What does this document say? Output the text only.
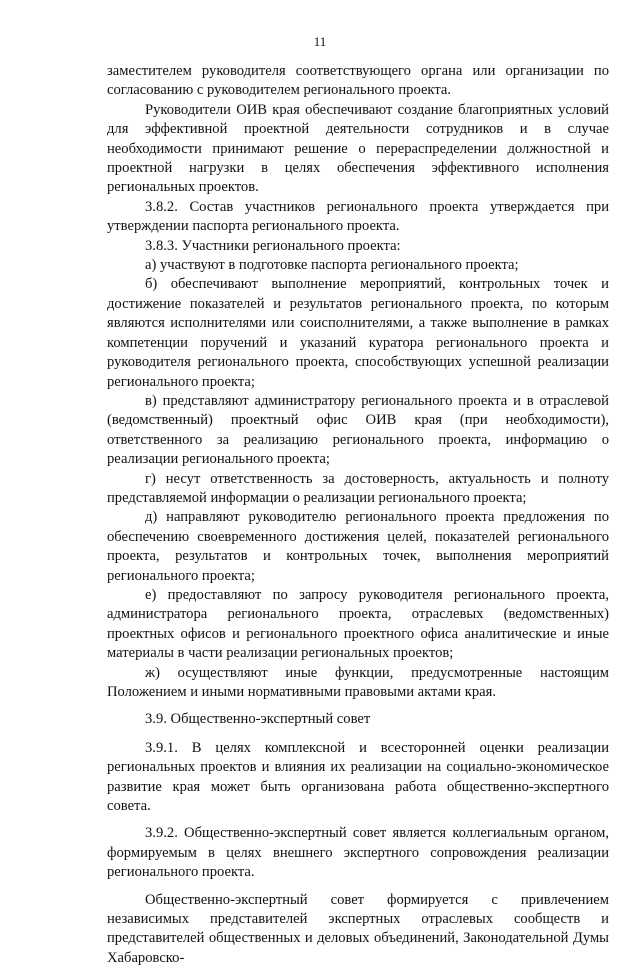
11

заместителем руководителя соответствующего органа или организации по согласованию с руководителем регионального проекта.

Руководители ОИВ края обеспечивают создание благоприятных условий для эффективной проектной деятельности сотрудников и в случае необходимости принимают решение о перераспределении должностной и проектной нагрузки в целях обеспечения эффективного исполнения региональных проектов.

3.8.2. Состав участников регионального проекта утверждается при утверждении паспорта регионального проекта.

3.8.3. Участники регионального проекта:

а) участвуют в подготовке паспорта регионального проекта;

б) обеспечивают выполнение мероприятий, контрольных точек и достижение показателей и результатов регионального проекта, по которым являются исполнителями или соисполнителями, а также выполнение в рамках компетенции поручений и указаний куратора регионального проекта и руководителя регионального проекта, способствующих успешной реализации регионального проекта;

в) представляют администратору регионального проекта и в отраслевой (ведомственный) проектный офис ОИВ края (при необходимости), ответственного за реализацию регионального проекта, информацию о реализации регионального проекта;

г) несут ответственность за достоверность, актуальность и полноту представляемой информации о реализации регионального проекта;

д) направляют руководителю регионального проекта предложения по обеспечению своевременного достижения целей, показателей регионального проекта, результатов и контрольных точек, выполнения мероприятий регионального проекта;

е) предоставляют по запросу руководителя регионального проекта, администратора регионального проекта, отраслевых (ведомственных) проектных офисов и регионального проектного офиса аналитические и иные материалы в части реализации региональных проектов;

ж) осуществляют иные функции, предусмотренные настоящим Положением и иными нормативными правовыми актами края.

3.9. Общественно-экспертный совет

3.9.1. В целях комплексной и всесторонней оценки реализации региональных проектов и влияния их реализации на социально-экономическое развитие края может быть организована работа общественно-экспертного совета.

3.9.2. Общественно-экспертный совет является коллегиальным органом, формируемым в целях внешнего экспертного сопровождения реализации регионального проекта.

Общественно-экспертный совет формируется с привлечением независимых представителей экспертных отраслевых сообществ и представителей общественных и деловых объединений, Законодательной Думы Хабаровско-
